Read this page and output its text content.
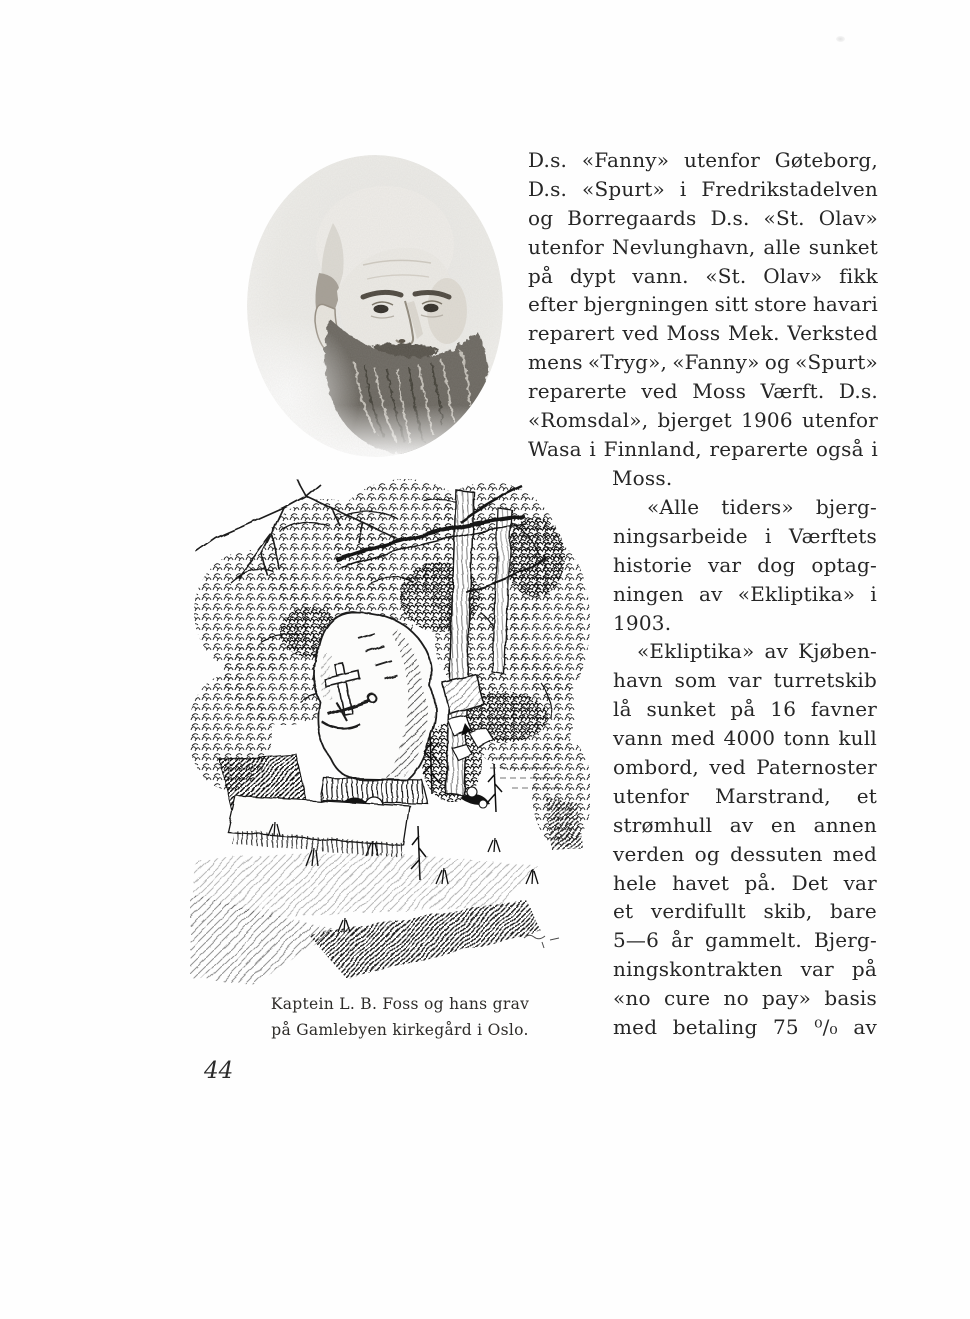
D.s. «Fanny» utenfor Gøteborg,
D.s. «Spurt» i Fredrikstadelven
og Borregaards D.s. «St. Olav»
utenfor Nevlunghavn, alle sunket
på dypt vann. «St. Olav» fikk
efter bjergningen sitt store havari
reparert ved Moss Mek. Verksted
mens «Tryg», «Fanny» og «Spurt»
reparerte ved Moss Værft. D.s.
«Romsdal», bjerget 1906 utenfor
Wasa i Finnland, reparerte også i
Moss.
«Alle tiders» bjerg-
ningsarbeide i Værftets
historie var dog optag-
ningen av «Ekliptika» i
1903.
«Ekliptika» av Kjøben-
havn som var turretskib
lå sunket på 16 favner
vann med 4000 tonn kull
ombord, ved Paternoster
utenfor Marstrand, et
strømhull av en annen
verden og dessuten med
hele havet på. Det var
et verdifullt skib, bare
5—6 år gammelt. Bjerg-
ningskontrakten var på
«no cure no pay» basis
med betaling 75 ⁰/₀ av
Kaptein L. B. Foss og hans grav
på Gamlebyen kirkegård i Oslo.
44
